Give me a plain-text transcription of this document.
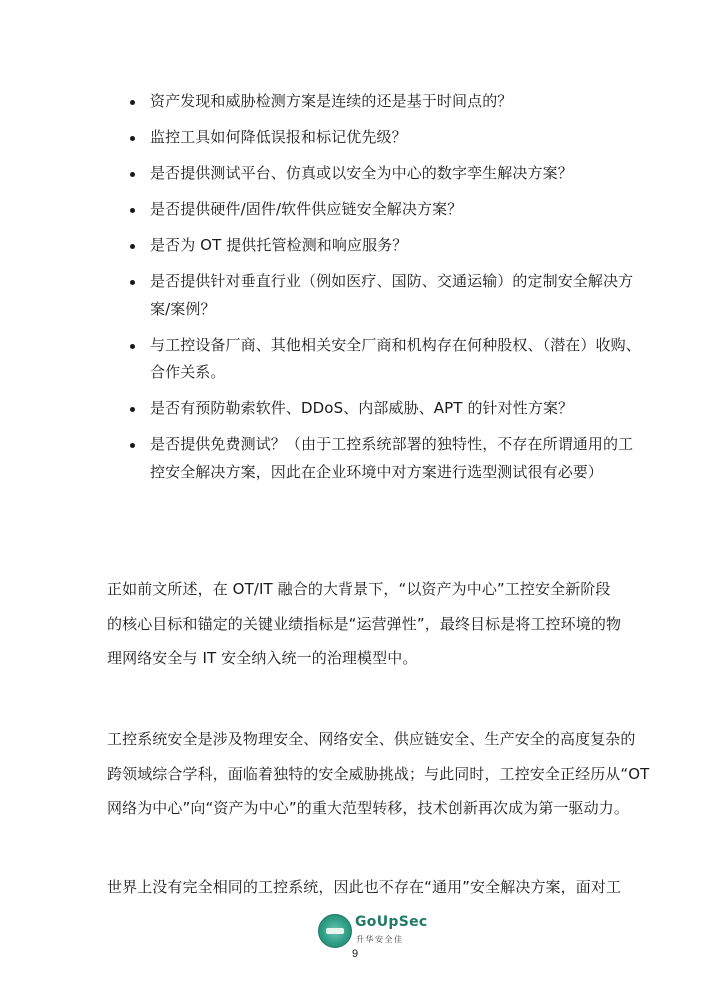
资产发现和威胁检测方案是连续的还是基于时间点的？
监控工具如何降低误报和标记优先级？
是否提供测试平台、仿真或以安全为中心的数字孪生解决方案？
是否提供硬件/固件/软件供应链安全解决方案？
是否为 OT 提供托管检测和响应服务？
是否提供针对垂直行业（例如医疗、国防、交通运输）的定制安全解决方
案/案例？
与工控设备厂商、其他相关安全厂商和机构存在何种股权、（潜在）收购、
合作关系。
是否有预防勒索软件、DDoS、内部威胁、APT 的针对性方案？
是否提供免费测试？（由于工控系统部署的独特性，不存在所谓通用的工
控安全解决方案，因此在企业环境中对方案进行选型测试很有必要）
正如前文所述，在 OT/IT 融合的大背景下，“以资产为中心”工控安全新阶段
的核心目标和锚定的关键业绩指标是“运营弹性”，最终目标是将工控环境的物
理网络安全与 IT 安全纳入统一的治理模型中。
工控系统安全是涉及物理安全、网络安全、供应链安全、生产安全的高度复杂的
跨领域综合学科，面临着独特的安全威胁挑战；与此同时，工控安全正经历从“OT
网络为中心”向“资产为中心”的重大范型转移，技术创新再次成为第一驱动力。
世界上没有完全相同的工控系统，因此也不存在“通用”安全解决方案，面对工
GoUpSec
升华安全佳
9
